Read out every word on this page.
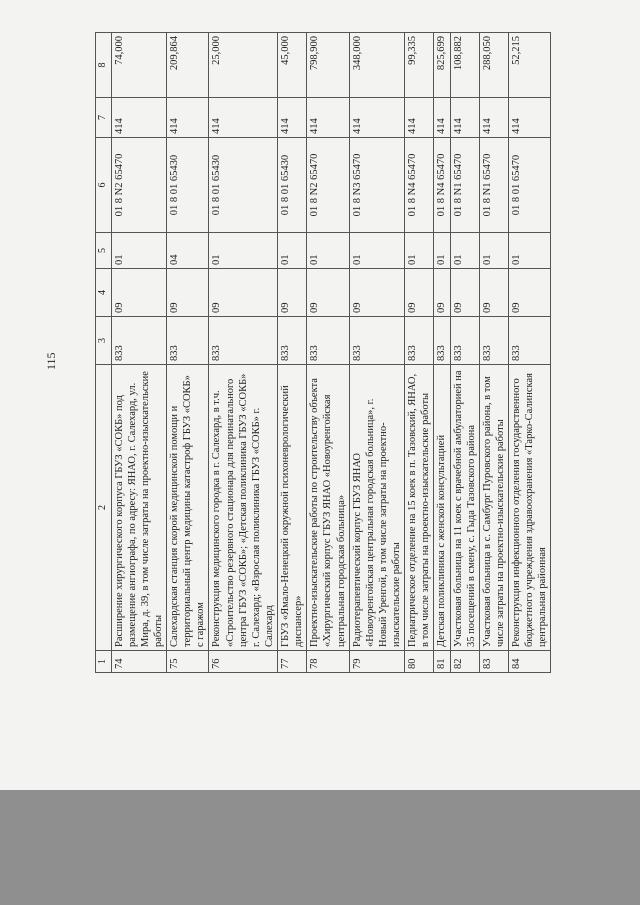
115
1	2	3	4	5	6	7	8
74	Расширение хирургического корпуса ГБУЗ «СОКБ» под размещение ангиографа, по адресу: ЯНАО, г. Салехард, ул. Мира, д. 39, в том числе затраты на проектно-изыскательские работы	833	09	01	01 8 N2 65470	414	74,000
75	Салехардская станция скорой медицинской помощи и территориальный центр медицины катастроф ГБУЗ «СОКБ» с гаражом	833	09	04	01 8 01 65430	414	209,864
76	Реконструкция медицинского городка в г. Салехард, в т.ч. «Строительство резервного стационара для перинатального центра ГБУЗ «СОКБ»; «Детская поликлиника ГБУЗ «СОКБ» г. Салехард; «Взрослая поликлиника ГБУЗ «СОКБ» г. Салехард	833	09	01	01 8 01 65430	414	25,000
77	ГБУЗ «Ямало-Ненецкий окружной психоневрологический диспансер»	833	09	01	01 8 01 65430	414	45,000
78	Проектно-изыскательские работы по строительству объекта «Хирургический корпус ГБУЗ ЯНАО «Новоуренгойская центральная городская больница»	833	09	01	01 8 N2 65470	414	798,900
79	Радиотерапевтический корпус ГБУЗ ЯНАО «Новоуренгойская центральная городская больница», г. Новый Уренгой, в том числе затраты на проектно-изыскательские работы	833	09	01	01 8 N3 65470	414	348,000
80	Педиатрическое отделение на 15 коек в п. Тазовский, ЯНАО, в том числе затраты на проектно-изыскательские работы	833	09	01	01 8 N4 65470	414	99,335
81	Детская поликлиника с женской консультацией	833	09	01	01 8 N4 65470	414	825,699
82	Участковая больница на 11 коек с врачебной амбулаторией на 35 посещений в смену, с. Гыда Тазовского района	833	09	01	01 8 N1 65470	414	108,882
83	Участковая больница в с. Самбург Пуровского района, в том числе затраты на проектно-изыскательские работы	833	09	01	01 8 N1 65470	414	288,050
84	Реконструкция инфекционного отделения государственного бюджетного учреждения здравоохранения «Тарко-Салинская центральная районная	833	09	01	01 8 01 65470	414	52,215
